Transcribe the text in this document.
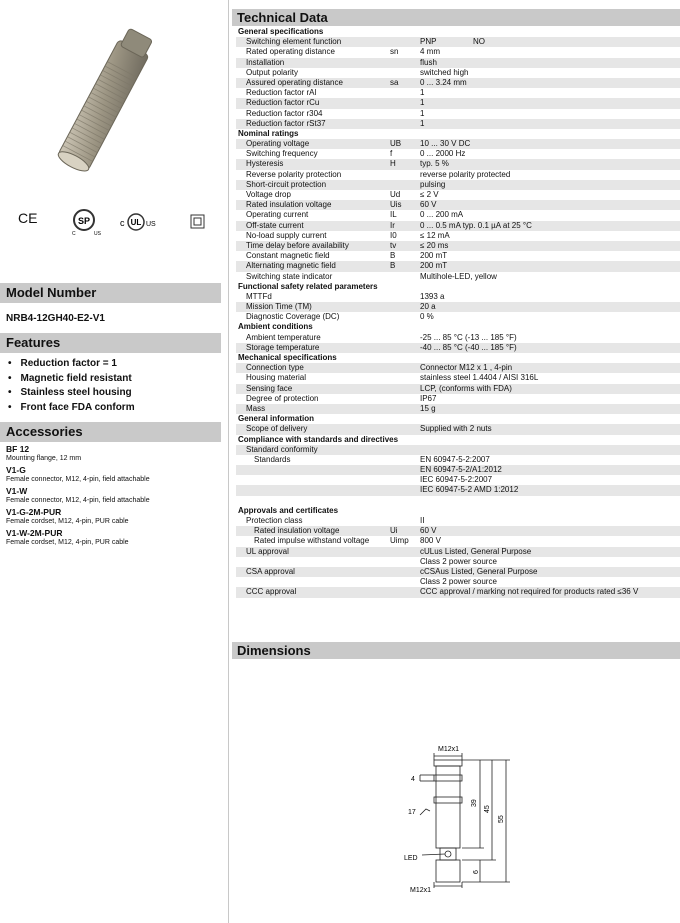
CE	SP
C	US
c UL US
Model Number
NRB4-12GH40-E2-V1
Features
• Reduction factor = 1
• Magnetic field resistant
• Stainless steel housing
• Front face FDA conform
Accessories
BF 12
Mounting flange, 12 mm
V1-G
Female connector, M12, 4-pin, field attachable
V1-W
Female connector, M12, 4-pin, field attachable
V1-G-2M-PUR
Female cordset, M12, 4-pin, PUR cable
V1-W-2M-PUR
Female cordset, M12, 4-pin, PUR cable
Technical Data
General specifications
Switching element function	PNP	NO
Rated operating distance	sn	4 mm
Installation	flush
Output polarity	switched high
Assured operating distance	sa	0 ... 3.24 mm
Reduction factor rAl	1
Reduction factor rCu	1
Reduction factor r304	1
Reduction factor rSt37	1
Nominal ratings
Operating voltage	UB 10 ... 30 V DC
Switching frequency	f	0 ... 2000 Hz
Hysteresis	H	typ. 5 %
Reverse polarity protection	reverse polarity protected
Short-circuit protection	pulsing
Voltage drop	Ud ≤ 2 V
Rated insulation voltage	Uis 60 V
Operating current	IL	0 ... 200 mA
Off-state current	Ir	0 ... 0.5 mA typ. 0.1 µA at 25 °C
No-load supply current	I0	≤ 12 mA
Time delay before availability	tv	≤ 20 ms
Constant magnetic field	B	200 mT
Alternating magnetic field	B	200 mT
Switching state indicator	Multihole-LED, yellow
Functional safety related parameters
MTTFd	1393 a
Mission Time (TM)	20 a
Diagnostic Coverage (DC)	0 %
Ambient conditions
Ambient temperature	-25 ... 85 °C (-13 ... 185 °F)
Storage temperature	-40 ... 85 °C (-40 ... 185 °F)
Mechanical specifications
Connection type	Connector M12 x 1 , 4-pin
Housing material	stainless steel 1.4404 / AISI 316L
Sensing face	LCP, (conforms with FDA)
Degree of protection	IP67
Mass	15 g
General information
Scope of delivery	Supplied with 2 nuts
Compliance with standards and directives
Standard conformity
Standards	EN 60947-5-2:2007
EN 60947-5-2/A1:2012
IEC 60947-5-2:2007
IEC 60947-5-2 AMD 1:2012
Approvals and certificates
Protection class	II
Rated insulation voltage	Ui	60 V
Rated impulse withstand voltage	Uimp 800 V
UL approval	cULus Listed, General Purpose
Class 2 power source
CSA approval	cCSAus Listed, General Purpose
Class 2 power source
CCC approval	CCC approval / marking not required for products rated ≤36 V
Dimensions
M12x1
M12x1
LED
17
4
39
45
55
6
